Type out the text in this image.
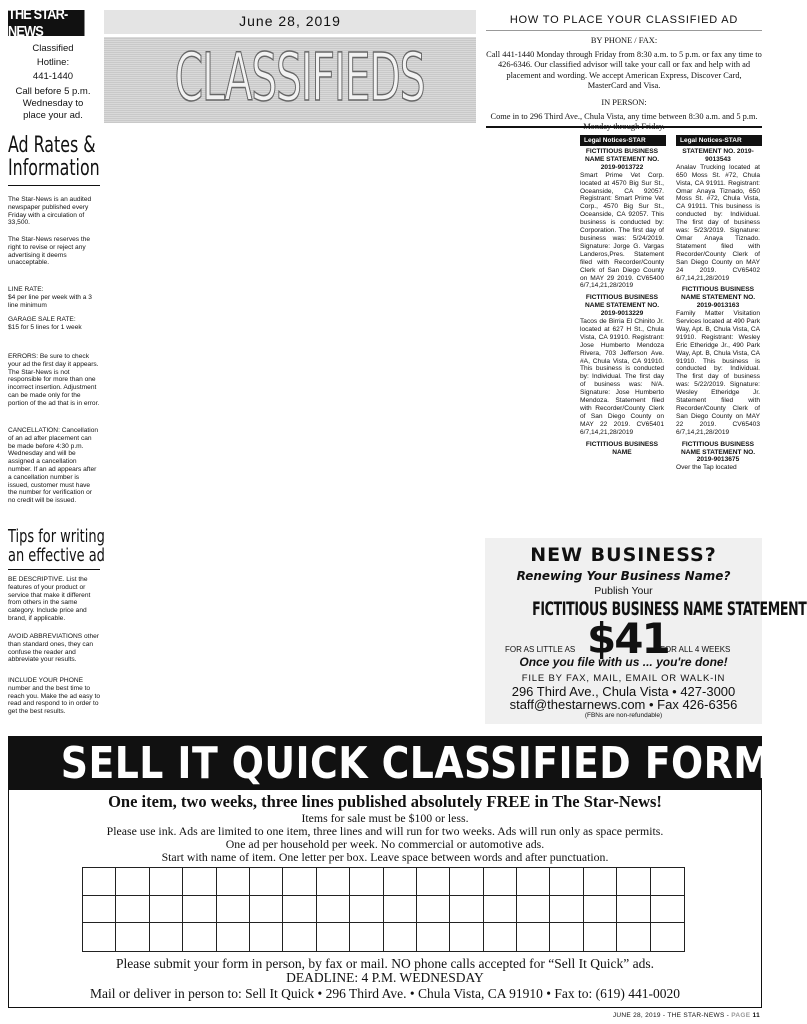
THE STAR-NEWS
Classified
Hotline:
441-1440
Call before 5 p.m.
Wednesday to
place your ad.
June 28, 2019
CLASSIFIEDS
HOW TO PLACE YOUR CLASSIFIED AD
BY PHONE / FAX:
Call 441-1440 Monday through Friday from 8:30 a.m. to 5 p.m. or fax any time to 426-6346. Our classified advisor will take your call or fax and help with ad placement and wording. We accept American Express, Discover Card, MasterCard and Visa.
IN PERSON:
Come in to 296 Third Ave., Chula Vista, any time between 8:30 a.m. and 5 p.m. Monday through Friday.
Ad Rates &
Information
The Star-News is an audited newspaper published every Friday with a circulation of 33,500.
The Star-News reserves the right to revise or reject any advertising it deems unacceptable.
LINE RATE:
$4 per line per week with a 3 line minimum
GARAGE SALE RATE:
$15 for 5 lines for 1 week
ERRORS: Be sure to check your ad the first day it appears. The Star-News is not responsible for more than one incorrect insertion. Adjustment can be made only for the portion of the ad that is in error.
CANCELLATION: Cancellation of an ad after placement can be made before 4:30 p.m. Wednesday and will be assigned a cancellation number. If an ad appears after a cancellation number is issued, customer must have the number for verification or no credit will be issued.
Tips for writing
an effective ad
BE DESCRIPTIVE. List the features of your product or service that make it different from others in the same category. Include price and brand, if applicable.
AVOID ABBREVIATIONS other than standard ones, they can confuse the reader and abbreviate your results.
INCLUDE YOUR PHONE number and the best time to reach you. Make the ad easy to read and respond to in order to get the best results.
Legal Notices-STAR	Legal Notices-STAR
FICTITIOUS BUSINESS NAME STATEMENT NO. 2019-9013722
Smart Prime Vet Corp. located at 4570 Big Sur St., Oceanside, CA 92057. Registrant: Smart Prime Vet Corp., 4570 Big Sur St., Oceanside, CA 92057. This business is conducted by: Corporation. The first day of business was: 5/24/2019. Signature: Jorge G. Vargas Landeros,Pres. Statement filed with Recorder/County Clerk of San Diego County on MAY 29 2019. CV65400 6/7,14,21,28/2019
FICTITIOUS BUSINESS NAME STATEMENT NO. 2019-9013229
Tacos de Birria El Chinito Jr. located at 627 H St., Chula Vista, CA 91910. Registrant: Jose Humberto Mendoza Rivera, 703 Jefferson Ave. #A, Chula Vista, CA 91910. This business is conducted by: Individual. The first day of business was: N/A. Signature: Jose Humberto Mendoza. Statement filed with Recorder/County Clerk of San Diego County on MAY 22 2019. CV65401 6/7,14,21,28/2019
FICTITIOUS BUSINESS NAME
STATEMENT NO. 2019-9013543
Analav Trucking located at 650 Moss St. #72, Chula Vista, CA 91911. Registrant: Omar Anaya Tiznado, 650 Moss St. #72, Chula Vista, CA 91911. This business is conducted by: Individual. The first day of business was: 5/23/2019. Signature: Omar Anaya Tiznado. Statement filed with Recorder/County Clerk of San Diego County on MAY 24 2019. CV65402 6/7,14,21,28/2019
FICTITIOUS BUSINESS NAME STATEMENT NO. 2019-9013163
Family Matter Visitation Services located at 490 Park Way, Apt. B, Chula Vista, CA 91910. Registrant: Wesley Eric Etheridge Jr., 490 Park Way, Apt. B, Chula Vista, CA 91910. This business is conducted by: Individual. The first day of business was: 5/22/2019. Signature: Wesley Etheridge Jr. Statement filed with Recorder/County Clerk of San Diego County on MAY 22 2019. CV65403 6/7,14,21,28/2019
FICTITIOUS BUSINESS NAME STATEMENT NO. 2019-9013675
Over the Tap located
NEW BUSINESS?
Renewing Your Business Name?
Publish Your
FICTITIOUS BUSINESS NAME STATEMENT
FOR AS LITTLE AS $41
FOR ALL 4 WEEKS
Once you file with us ... you're done!
FILE BY FAX, MAIL, EMAIL OR WALK-IN
296 Third Ave., Chula Vista • 427-3000
staff@thestarnews.com • Fax 426-6356
(FBNs are non-refundable)
SELL IT QUICK CLASSIFIED FORM
One item, two weeks, three lines published absolutely FREE in The Star-News!
Items for sale must be $100 or less.
Please use ink. Ads are limited to one item, three lines and will run for two weeks. Ads will run only as space permits.
One ad per household per week. No commercial or automotive ads.
Start with name of item. One letter per box. Leave space between words and after punctuation.
Please submit your form in person, by fax or mail. NO phone calls accepted for “Sell It Quick” ads.
DEADLINE: 4 P.M. WEDNESDAY
Mail or deliver in person to: Sell It Quick • 296 Third Ave. • Chula Vista, CA 91910 • Fax to: (619) 441-0020
JUNE 28, 2019 - THE STAR-NEWS - PAGE 11
